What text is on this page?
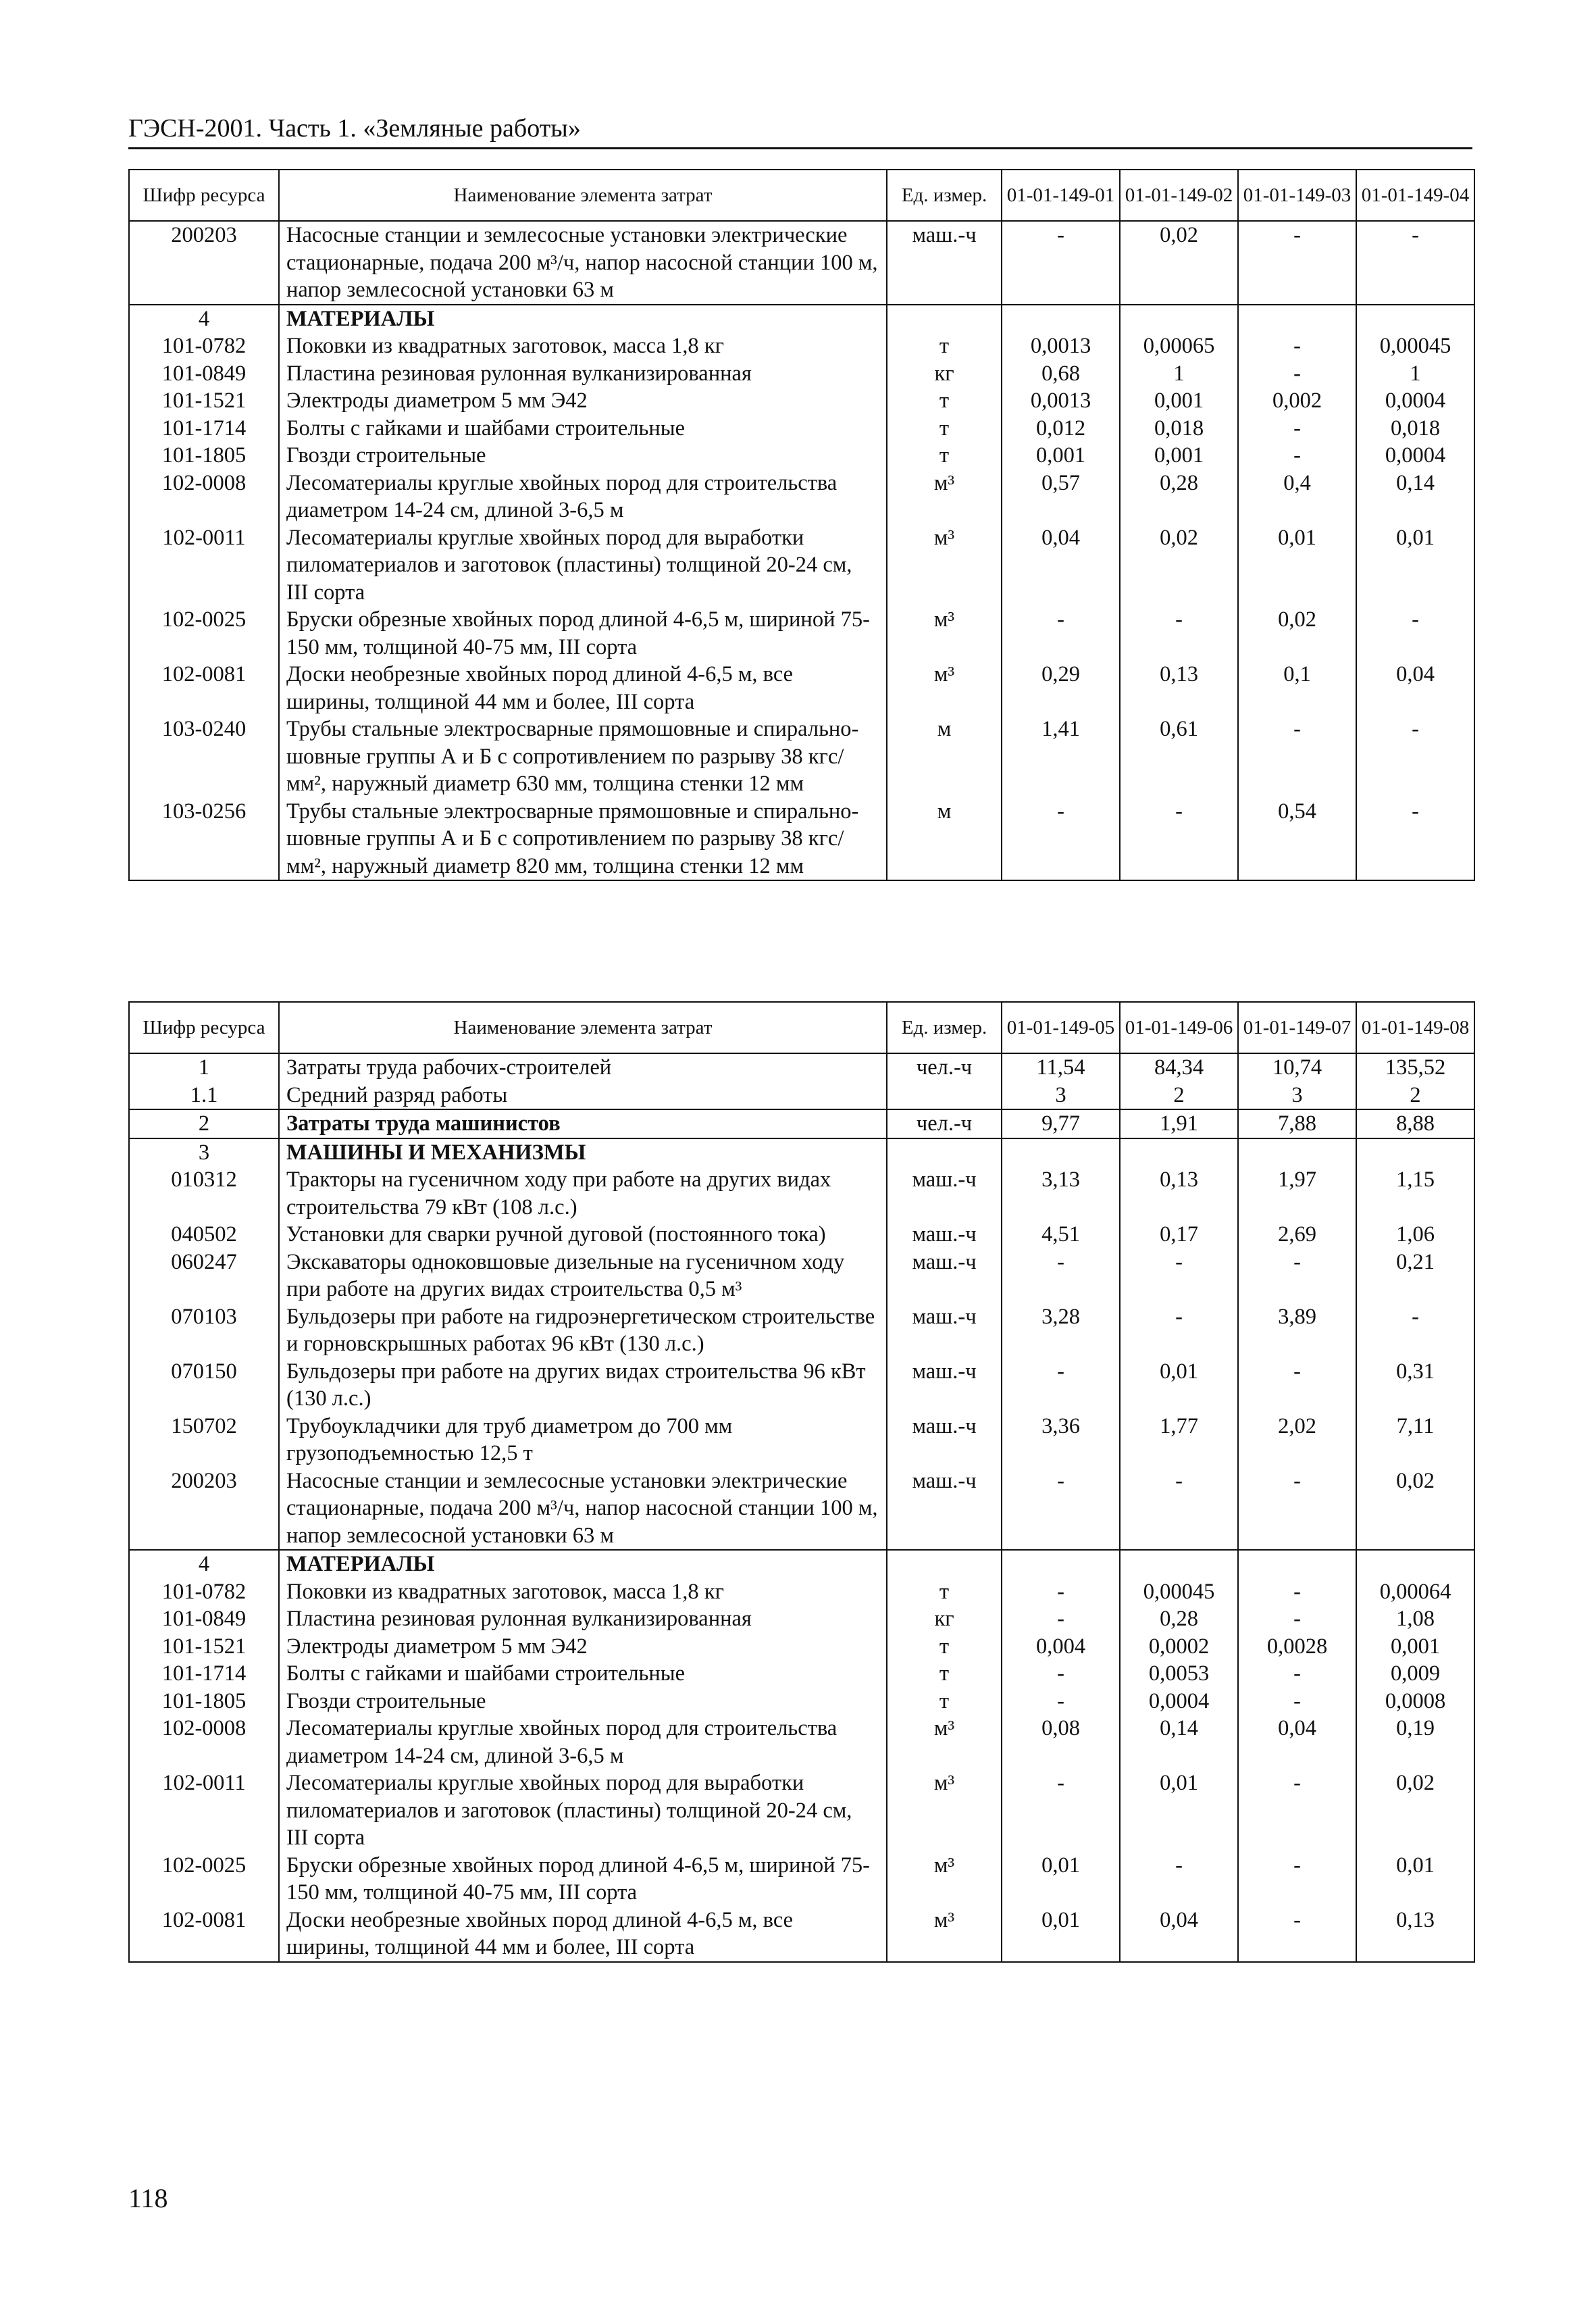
ГЭСН-2001. Часть 1. «Земляные работы»
Шифр ресурса	Наименование элемента затрат	Ед. измер.	01-01-149-01	01-01-149-02	01-01-149-03	01-01-149-04
200203	Насосные станции и землесосные установки электрические стационарные, подача 200 м³/ч, напор насосной станции 100 м, напор землесосной установки 63 м	маш.-ч	-	0,02	-	-
4	МАТЕРИАЛЫ					
101-0782	Поковки из квадратных заготовок, масса 1,8 кг	т	0,0013	0,00065	-	0,00045
101-0849	Пластина резиновая рулонная вулканизированная	кг	0,68	1	-	1
101-1521	Электроды диаметром 5 мм Э42	т	0,0013	0,001	0,002	0,0004
101-1714	Болты с гайками и шайбами строительные	т	0,012	0,018	-	0,018
101-1805	Гвозди строительные	т	0,001	0,001	-	0,0004
102-0008	Лесоматериалы круглые хвойных пород для строительства диаметром 14-24 см, длиной 3-6,5 м	м³	0,57	0,28	0,4	0,14
102-0011	Лесоматериалы круглые хвойных пород для выработки пиломатериалов и заготовок (пластины) толщиной 20-24 см, III сорта	м³	0,04	0,02	0,01	0,01
102-0025	Бруски обрезные хвойных пород длиной 4-6,5 м, шириной 75-150 мм, толщиной 40-75 мм, III сорта	м³	-	-	0,02	-
102-0081	Доски необрезные хвойных пород длиной 4-6,5 м, все ширины, толщиной 44 мм и более, III сорта	м³	0,29	0,13	0,1	0,04
103-0240	Трубы стальные электросварные прямошовные и спирально-шовные группы А и Б с сопротивлением по разрыву 38 кгс/мм², наружный диаметр 630 мм, толщина стенки 12 мм	м	1,41	0,61	-	-
103-0256	Трубы стальные электросварные прямошовные и спирально-шовные группы А и Б с сопротивлением по разрыву 38 кгс/мм², наружный диаметр 820 мм, толщина стенки 12 мм	м	-	-	0,54	-
Шифр ресурса	Наименование элемента затрат	Ед. измер.	01-01-149-05	01-01-149-06	01-01-149-07	01-01-149-08
1	Затраты труда рабочих-строителей	чел.-ч	11,54	84,34	10,74	135,52
1.1	Средний разряд работы		3	2	3	2
2	Затраты труда машинистов	чел.-ч	9,77	1,91	7,88	8,88
3	МАШИНЫ И МЕХАНИЗМЫ					
010312	Тракторы на гусеничном ходу при работе на других видах строительства 79 кВт (108 л.с.)	маш.-ч	3,13	0,13	1,97	1,15
040502	Установки для сварки ручной дуговой (постоянного тока)	маш.-ч	4,51	0,17	2,69	1,06
060247	Экскаваторы одноковшовые дизельные на гусеничном ходу при работе на других видах строительства 0,5 м³	маш.-ч	-	-	-	0,21
070103	Бульдозеры при работе на гидроэнергетическом строительстве и горновскрышных работах 96 кВт (130 л.с.)	маш.-ч	3,28	-	3,89	-
070150	Бульдозеры при работе на других видах строительства 96 кВт (130 л.с.)	маш.-ч	-	0,01	-	0,31
150702	Трубоукладчики для труб диаметром до 700 мм грузоподъемностью 12,5 т	маш.-ч	3,36	1,77	2,02	7,11
200203	Насосные станции и землесосные установки электрические стационарные, подача 200 м³/ч, напор насосной станции 100 м, напор землесосной установки 63 м	маш.-ч	-	-	-	0,02
4	МАТЕРИАЛЫ					
101-0782	Поковки из квадратных заготовок, масса 1,8 кг	т	-	0,00045	-	0,00064
101-0849	Пластина резиновая рулонная вулканизированная	кг	-	0,28	-	1,08
101-1521	Электроды диаметром 5 мм Э42	т	0,004	0,0002	0,0028	0,001
101-1714	Болты с гайками и шайбами строительные	т	-	0,0053	-	0,009
101-1805	Гвозди строительные	т	-	0,0004	-	0,0008
102-0008	Лесоматериалы круглые хвойных пород для строительства диаметром 14-24 см, длиной 3-6,5 м	м³	0,08	0,14	0,04	0,19
102-0011	Лесоматериалы круглые хвойных пород для выработки пиломатериалов и заготовок (пластины) толщиной 20-24 см, III сорта	м³	-	0,01	-	0,02
102-0025	Бруски обрезные хвойных пород длиной 4-6,5 м, шириной 75-150 мм, толщиной 40-75 мм, III сорта	м³	0,01	-	-	0,01
102-0081	Доски необрезные хвойных пород длиной 4-6,5 м, все ширины, толщиной 44 мм и более, III сорта	м³	0,01	0,04	-	0,13
118
